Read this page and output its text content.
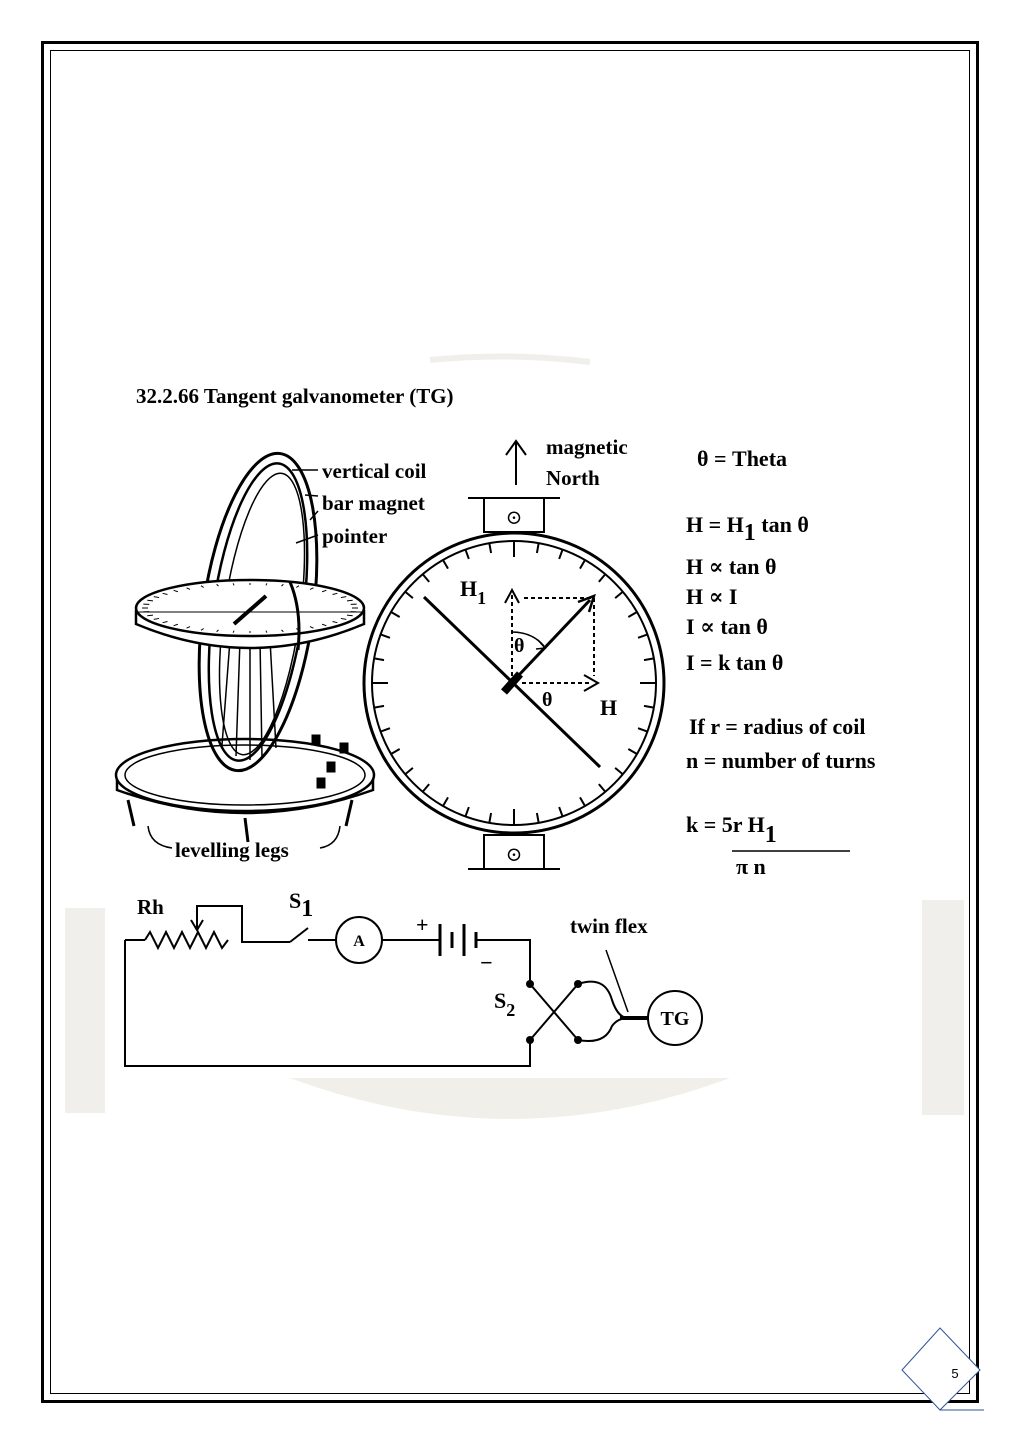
32.2.66 Tangent galvanometer (TG)
vertical coil
bar magnet
pointer
levelling legs
magnetic
North
⊙
⊙
$H_1$
θ
θ H
θ = Theta
H = H1 tan θ
H ∝ tan θ
H ∝ I
I ∝ tan θ
I = k tan θ
If r = radius of coil
n = number of turns
k = 5r H1
π n
Rh	S1
A
+
−
$S_2$
twin flex
TG
5
